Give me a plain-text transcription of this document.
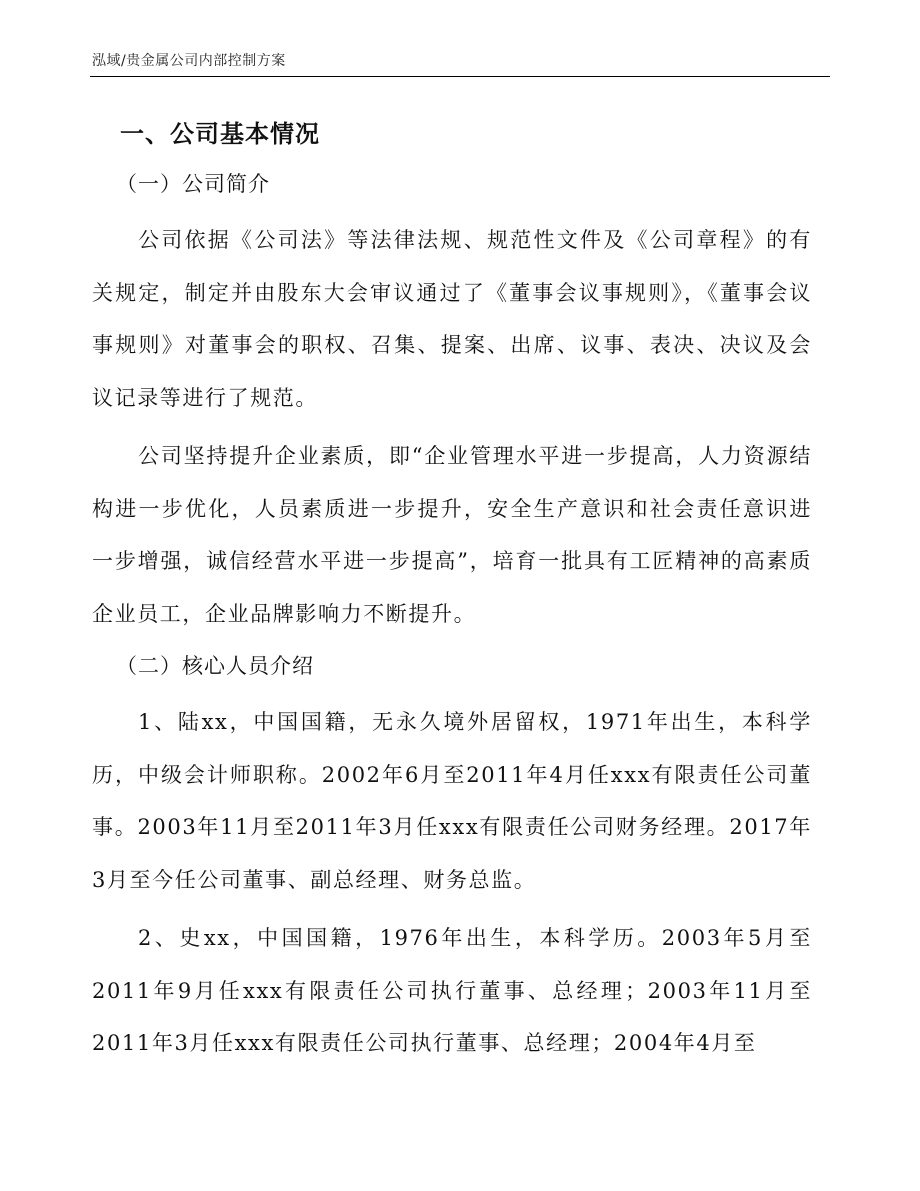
泓域/贵金属公司内部控制方案
一、公司基本情况
（一）公司简介

公司依据《公司法》等法律法规、规范性文件及《公司章程》的有关规定，制定并由股东大会审议通过了《董事会议事规则》，《董事会议事规则》对董事会的职权、召集、提案、出席、议事、表决、决议及会议记录等进行了规范。

公司坚持提升企业素质，即“企业管理水平进一步提高，人力资源结构进一步优化，人员素质进一步提升，安全生产意识和社会责任意识进一步增强，诚信经营水平进一步提高”，培育一批具有工匠精神的高素质企业员工，企业品牌影响力不断提升。

（二）核心人员介绍

1、陆xx，中国国籍，无永久境外居留权，1971年出生，本科学历，中级会计师职称。2002年6月至2011年4月任xxx有限责任公司董事。2003年11月至2011年3月任xxx有限责任公司财务经理。2017年3月至今任公司董事、副总经理、财务总监。

2、史xx，中国国籍，1976年出生，本科学历。2003年5月至2011年9月任xxx有限责任公司执行董事、总经理；2003年11月至2011年3月任xxx有限责任公司执行董事、总经理；2004年4月至
